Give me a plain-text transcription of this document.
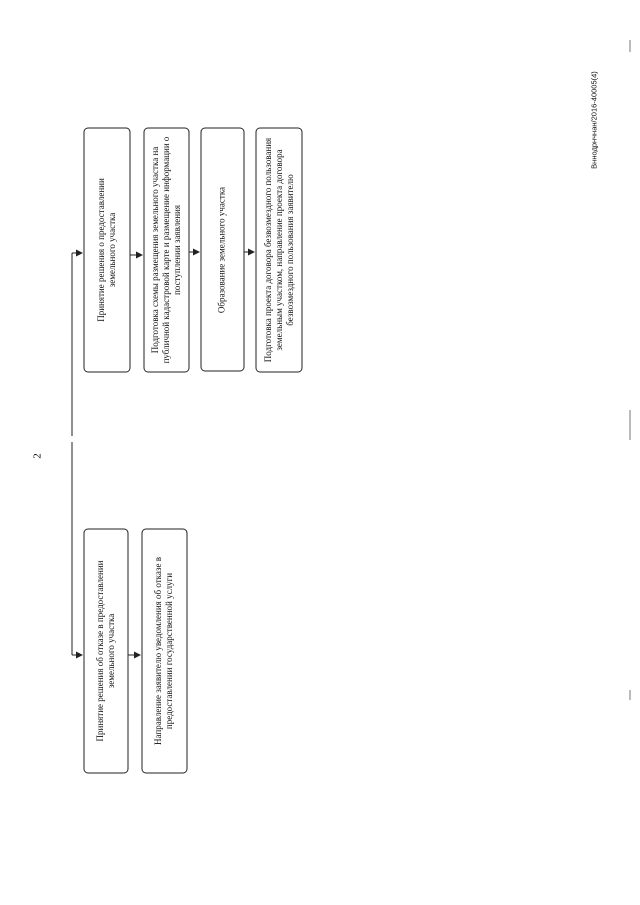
2
Принятие решения о предоставлении
земельного участка
Подготовка схемы размещения земельного участка на
публичной кадастровой карте и размещение информации о
поступлении заявления	Образование земельного участка
Подготовка проекта договора безвозмездного пользования
земельным участком, направление проекта договора
безвозмездного пользования заявителю
Принятие решения об отказе в предоставлении
земельного участка
Направление заявителю уведомления об отказе в
предоставлении государственной услуги
Вннодрнчнан/2016-40005(4)
